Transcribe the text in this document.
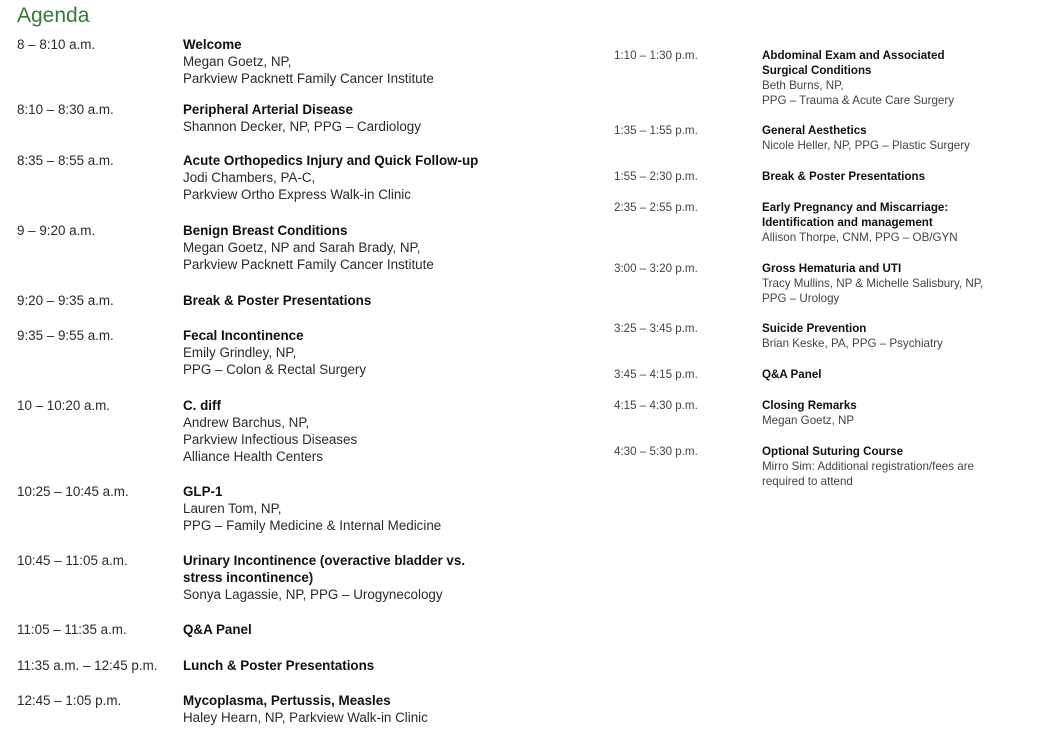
Agenda
8 – 8:10 a.m.	Welcome
Megan Goetz, NP,
Parkview Packnett Family Cancer Institute
8:10 – 8:30 a.m.	Peripheral Arterial Disease
Shannon Decker, NP, PPG – Cardiology
8:35 – 8:55 a.m.	Acute Orthopedics Injury and Quick Follow-up
Jodi Chambers, PA-C,
Parkview Ortho Express Walk-in Clinic
9 – 9:20 a.m.	Benign Breast Conditions
Megan Goetz, NP and Sarah Brady, NP,
Parkview Packnett Family Cancer Institute
9:20 – 9:35 a.m.	Break & Poster Presentations
9:35 – 9:55 a.m.	Fecal Incontinence
Emily Grindley, NP,
PPG – Colon & Rectal Surgery
10 – 10:20 a.m.	C. diff
Andrew Barchus, NP,
Parkview Infectious Diseases
Alliance Health Centers
10:25 – 10:45 a.m.	GLP-1
Lauren Tom, NP,
PPG – Family Medicine & Internal Medicine
10:45 – 11:05 a.m.	Urinary Incontinence (overactive bladder vs.
stress incontinence)
Sonya Lagassie, NP, PPG – Urogynecology
11:05 – 11:35 a.m.	Q&A Panel
11:35 a.m. – 12:45 p.m.	Lunch & Poster Presentations
12:45 – 1:05 p.m.	Mycoplasma, Pertussis, Measles
Haley Hearn, NP, Parkview Walk-in Clinic
1:10 – 1:30 p.m.	Abdominal Exam and Associated
Surgical Conditions
Beth Burns, NP,
PPG – Trauma & Acute Care Surgery
1:35 – 1:55 p.m.	General Aesthetics
Nicole Heller, NP, PPG – Plastic Surgery
1:55 – 2:30 p.m.	Break & Poster Presentations
2:35 – 2:55 p.m.	Early Pregnancy and Miscarriage:
Identification and management
Allison Thorpe, CNM, PPG – OB/GYN
3:00 – 3:20 p.m.	Gross Hematuria and UTI
Tracy Mullins, NP & Michelle Salisbury, NP,
PPG – Urology
3:25 – 3:45 p.m.	Suicide Prevention
Brian Keske, PA, PPG – Psychiatry
3:45 – 4:15 p.m.	Q&A Panel
4:15 – 4:30 p.m.	Closing Remarks
Megan Goetz, NP
4:30 – 5:30 p.m.	Optional Suturing Course
Mirro Sim: Additional registration/fees are
required to attend
